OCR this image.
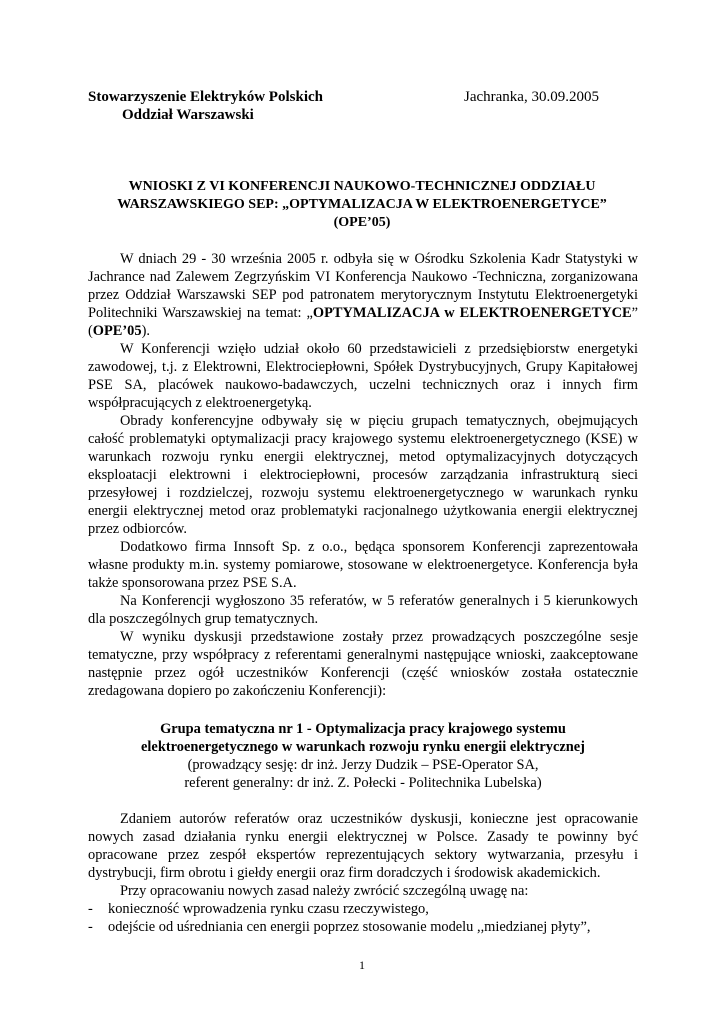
Stowarzyszenie Elektryków Polskich
Oddział Warszawski
Jachranka, 30.09.2005
WNIOSKI Z VI KONFERENCJI NAUKOWO-TECHNICZNEJ ODDZIAŁU
WARSZAWSKIEGO SEP: „OPTYMALIZACJA W ELEKTROENERGETYCE”
(OPE’05)

W dniach 29 - 30 września 2005 r. odbyła się w Ośrodku Szkolenia Kadr Statystyki w Jachrance nad Zalewem Zegrzyńskim VI Konferencja Naukowo -Techniczna, zorganizowana przez Oddział Warszawski SEP pod patronatem merytorycznym Instytutu Elektroenergetyki Politechniki Warszawskiej na temat: „OPTYMALIZACJA w ELEKTROENERGETYCE” (OPE’05).

W Konferencji wzięło udział około 60 przedstawicieli z przedsiębiorstw energetyki zawodowej, t.j. z Elektrowni, Elektrociepłowni, Spółek Dystrybucyjnych, Grupy Kapitałowej PSE SA, placówek naukowo-badawczych, uczelni technicznych oraz i innych firm współpracujących z elektroenergetyką.

Obrady konferencyjne odbywały się w pięciu grupach tematycznych, obejmujących całość problematyki optymalizacji pracy krajowego systemu elektroenergetycznego (KSE) w warunkach rozwoju rynku energii elektrycznej, metod optymalizacyjnych dotyczących eksploatacji elektrowni i elektrociepłowni, procesów zarządzania infrastrukturą sieci przesyłowej i rozdzielczej, rozwoju systemu elektroenergetycznego w warunkach rynku energii elektrycznej metod oraz problematyki racjonalnego użytkowania energii elektrycznej przez odbiorców.

Dodatkowo firma Innsoft Sp. z o.o., będąca sponsorem Konferencji zaprezentowała własne produkty m.in. systemy pomiarowe, stosowane w elektroenergetyce. Konferencja była także sponsorowana przez PSE S.A.

Na Konferencji wygłoszono 35 referatów, w 5 referatów generalnych i 5 kierunkowych dla poszczególnych grup tematycznych.

W wyniku dyskusji przedstawione zostały przez prowadzących poszczególne sesje tematyczne, przy współpracy z referentami generalnymi następujące wnioski, zaakceptowane następnie przez ogół uczestników Konferencji (część wniosków została ostatecznie zredagowana dopiero po zakończeniu Konferencji):

Grupa tematyczna nr 1 - Optymalizacja pracy krajowego systemu
elektroenergetycznego w warunkach rozwoju rynku energii elektrycznej
(prowadzący sesję: dr inż. Jerzy Dudzik – PSE-Operator SA,
referent generalny: dr inż. Z. Połecki - Politechnika Lubelska)

Zdaniem autorów referatów oraz uczestników dyskusji, konieczne jest opracowanie nowych zasad działania rynku energii elektrycznej w Polsce. Zasady te powinny być opracowane przez zespół ekspertów reprezentujących sektory wytwarzania, przesyłu i dystrybucji, firm obrotu i giełdy energii oraz firm doradczych i środowisk akademickich.

Przy opracowaniu nowych zasad należy zwrócić szczególną uwagę na:

-	konieczność wprowadzenia rynku czasu rzeczywistego,
-	odejście od uśredniania cen energii poprzez stosowanie modelu ,,miedzianej płyty”,
1
